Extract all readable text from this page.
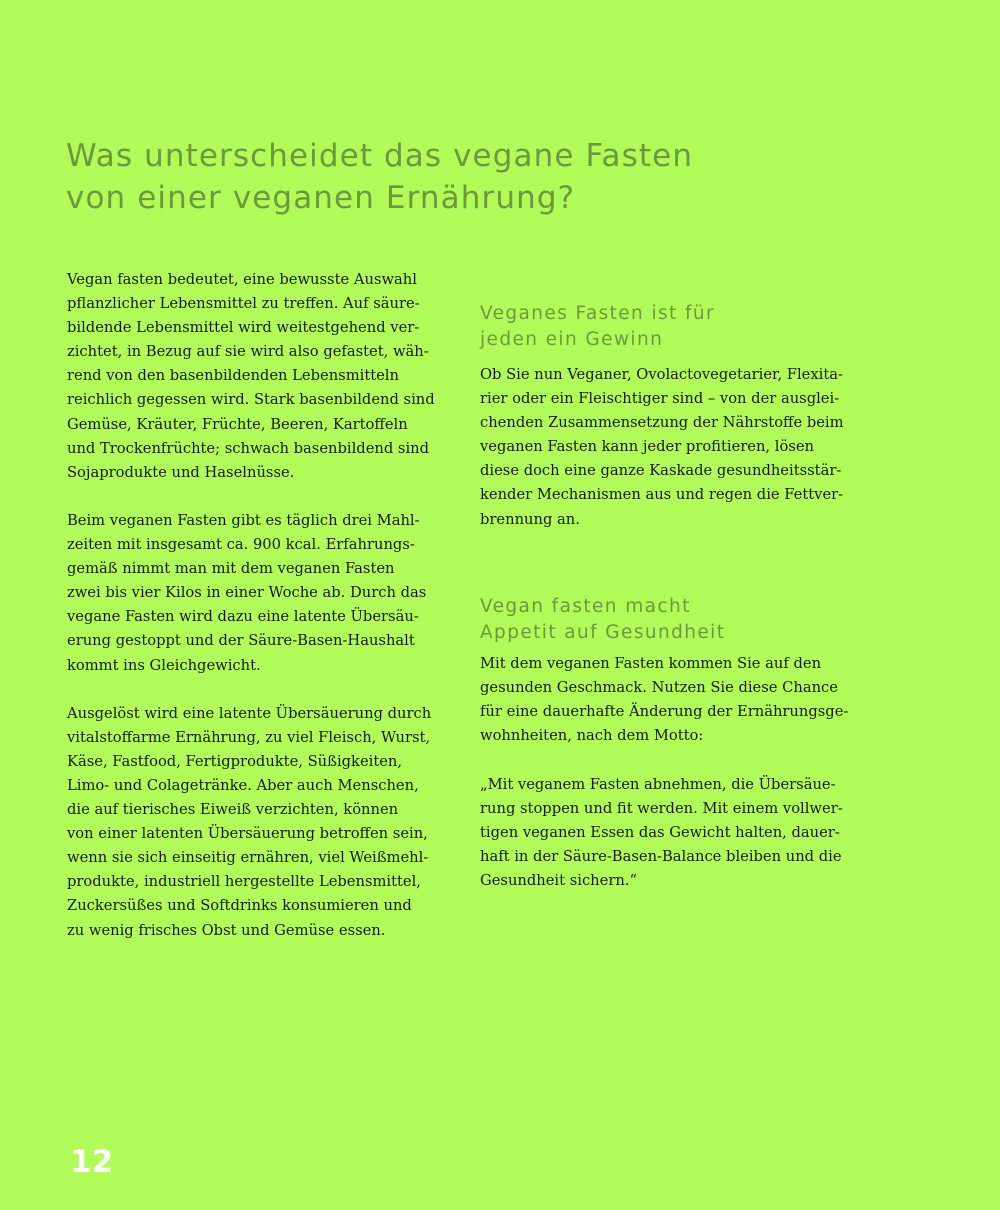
Was unterscheidet das vegane Fasten
von einer veganen Ernährung?

Vegan fasten bedeutet, eine bewusste Auswahl
pflanzlicher Lebensmittel zu treffen. Auf säure-
bildende Lebensmittel wird weitestgehend ver-
zichtet, in Bezug auf sie wird also gefastet, wäh-
rend von den basenbildenden Lebensmitteln
reichlich gegessen wird. Stark basenbildend sind
Gemüse, Kräuter, Früchte, Beeren, Kartoffeln
und Trockenfrüchte; schwach basenbildend sind
Sojaprodukte und Haselnüsse.

Beim veganen Fasten gibt es täglich drei Mahl-
zeiten mit insgesamt ca. 900 kcal. Erfahrungs-
gemäß nimmt man mit dem veganen Fasten
zwei bis vier Kilos in einer Woche ab. Durch das
vegane Fasten wird dazu eine latente Übersäu-
erung gestoppt und der Säure-Basen-Haushalt
kommt ins Gleichgewicht.

Ausgelöst wird eine latente Übersäuerung durch
vitalstoffarme Ernährung, zu viel Fleisch, Wurst,
Käse, Fastfood, Fertigprodukte, Süßigkeiten,
Limo- und Colagetränke. Aber auch Menschen,
die auf tierisches Eiweiß verzichten, können
von einer latenten Übersäuerung betroffen sein,
wenn sie sich einseitig ernähren, viel Weißmehl-
produkte, industriell hergestellte Lebensmittel,
Zuckersüßes und Softdrinks konsumieren und
zu wenig frisches Obst und Gemüse essen.

Veganes Fasten ist für
jeden ein Gewinn
Ob Sie nun Veganer, Ovolactovegetarier, Flexita-
rier oder ein Fleischtiger sind – von der ausglei-
chenden Zusammensetzung der Nährstoffe beim
veganen Fasten kann jeder profitieren, lösen
diese doch eine ganze Kaskade gesundheitsstär-
kender Mechanismen aus und regen die Fettver-
brennung an.
Vegan fasten macht
Appetit auf Gesundheit
Mit dem veganen Fasten kommen Sie auf den
gesunden Geschmack. Nutzen Sie diese Chance
für eine dauerhafte Änderung der Ernährungsge-
wohnheiten, nach dem Motto:
„Mit veganem Fasten abnehmen, die Übersäue-
rung stoppen und fit werden. Mit einem vollwer-
tigen veganen Essen das Gewicht halten, dauer-
haft in der Säure-Basen-Balance bleiben und die
Gesundheit sichern.“
12
